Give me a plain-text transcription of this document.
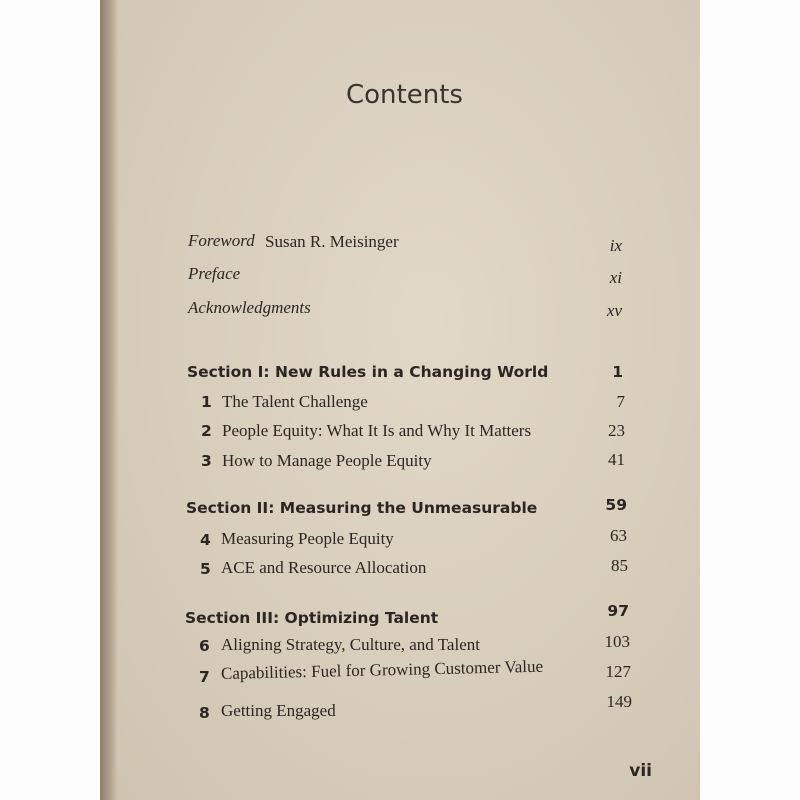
Contents
Foreword Susan R. Meisinger	ix
Preface	xi
Acknowledgments	xv
Section I: New Rules in a Changing World	1
1 The Talent Challenge	7
2 People Equity: What It Is and Why It Matters	23
3 How to Manage People Equity	41
Section II: Measuring the Unmeasurable	59
4 Measuring People Equity	63
5 ACE and Resource Allocation	85
Section III: Optimizing Talent	97
6 Aligning Strategy, Culture, and Talent	103
7 Capabilities: Fuel for Growing Customer Value	127
8 Getting Engaged	149
vii
